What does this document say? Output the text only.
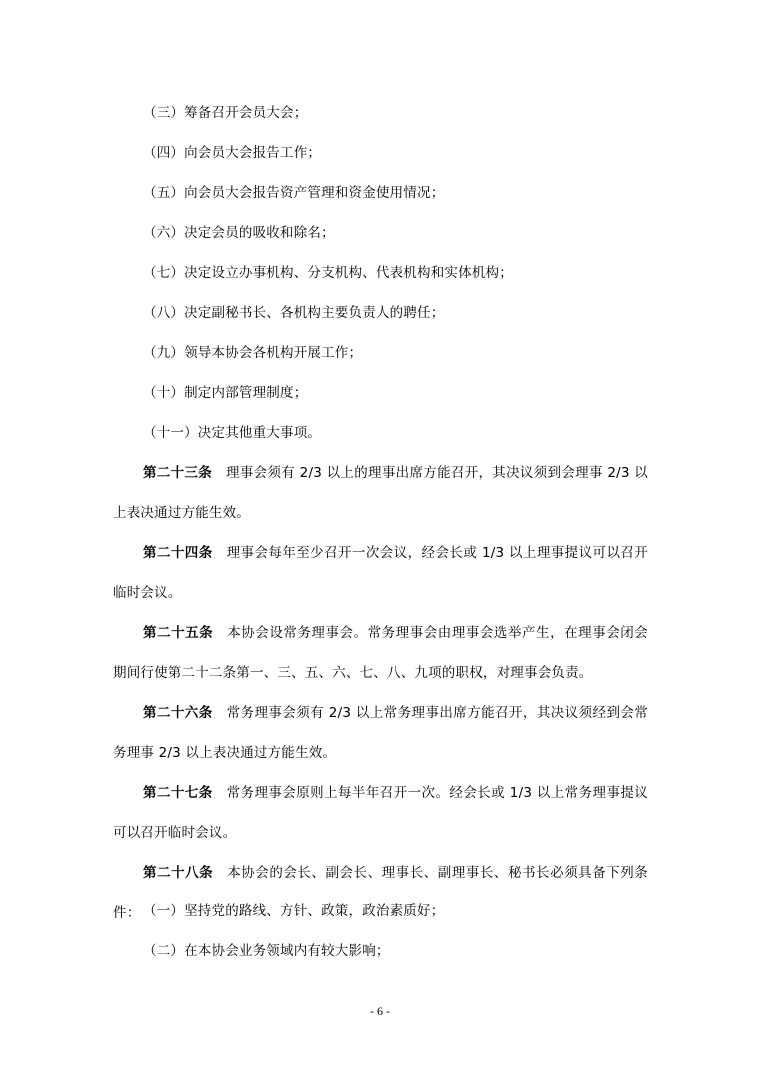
（三）筹备召开会员大会；
（四）向会员大会报告工作；
（五）向会员大会报告资产管理和资金使用情况；
（六）决定会员的吸收和除名；
（七）决定设立办事机构、分支机构、代表机构和实体机构；
（八）决定副秘书长、各机构主要负责人的聘任；
（九）领导本协会各机构开展工作；
（十）制定内部管理制度；
（十一）决定其他重大事项。
第二十三条 理事会须有 2/3 以上的理事出席方能召开，其决议须到会理事 2/3 以上表决通过方能生效。
第二十四条 理事会每年至少召开一次会议，经会长或 1/3 以上理事提议可以召开临时会议。
第二十五条 本协会设常务理事会。常务理事会由理事会选举产生，在理事会闭会期间行使第二十二条第一、三、五、六、七、八、九项的职权，对理事会负责。
第二十六条 常务理事会须有 2/3 以上常务理事出席方能召开，其决议须经到会常务理事 2/3 以上表决通过方能生效。
第二十七条 常务理事会原则上每半年召开一次。经会长或 1/3 以上常务理事提议可以召开临时会议。
第二十八条 本协会的会长、副会长、理事长、副理事长、秘书长必须具备下列条件： （一）坚持党的路线、方针、政策，政治素质好；
（二）在本协会业务领域内有较大影响；
- 6 -
